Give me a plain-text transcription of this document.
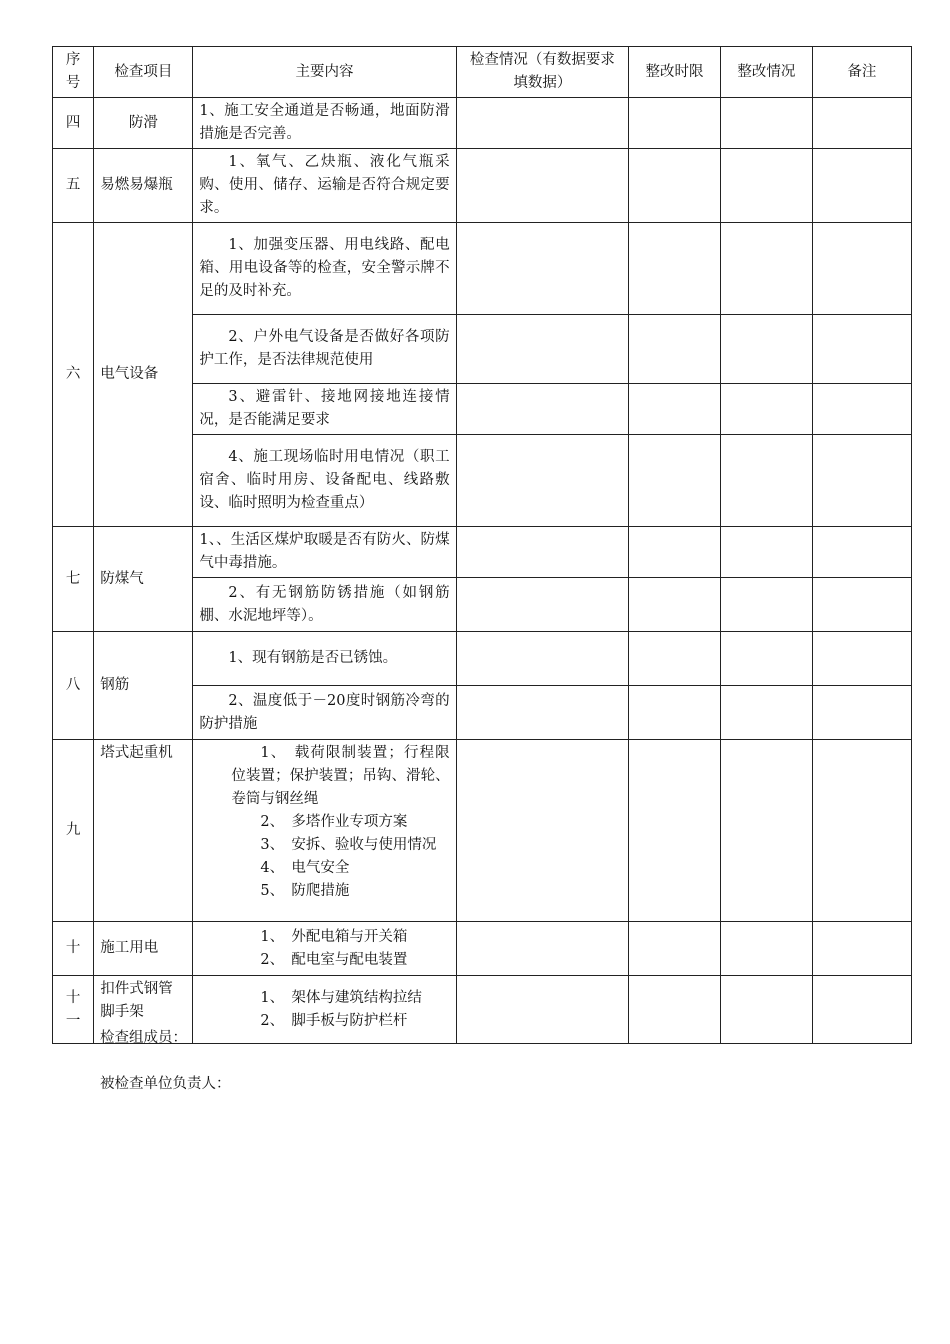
序号	检查项目	主要内容	检查情况（有数据要求填数据）	整改时限	整改情况	备注
四	防滑	1、施工安全通道是否畅通，地面防滑措施是否完善。				
五	易燃易爆瓶	1、氧气、乙炔瓶、液化气瓶采购、使用、储存、运输是否符合规定要求。				
六	电气设备	1、加强变压器、用电线路、配电箱、用电设备等的检查，安全警示牌不足的及时补充。				
		2、户外电气设备是否做好各项防护工作，是否法律规范使用				
		3、避雷针、接地网接地连接情况，是否能满足要求				
		4、施工现场临时用电情况（职工宿舍、临时用房、设备配电、线路敷设、临时照明为检查重点）				
七	防煤气	1、、生活区煤炉取暖是否有防火、防煤气中毒措施。				
		2、有无钢筋防锈措施（如钢筋棚、水泥地坪等）。				
八	钢筋	1、现有钢筋是否已锈蚀。				
		2、温度低于－20度时钢筋冷弯的防护措施				
九	塔式起重机	1、　载荷限制装置；行程限位装置；保护装置；吊钩、滑轮、卷筒与钢丝绳
2、　多塔作业专项方案
3、　安拆、验收与使用情况
4、　电气安全
5、　防爬措施				

十	施工用电	1、　外配电箱与开关箱
2、　配电室与配电装置				

十一	扣件式钢管脚手架	1、　架体与建筑结构拉结
2、　脚手板与防护栏杆				

检查组成员：
被检查单位负责人：
